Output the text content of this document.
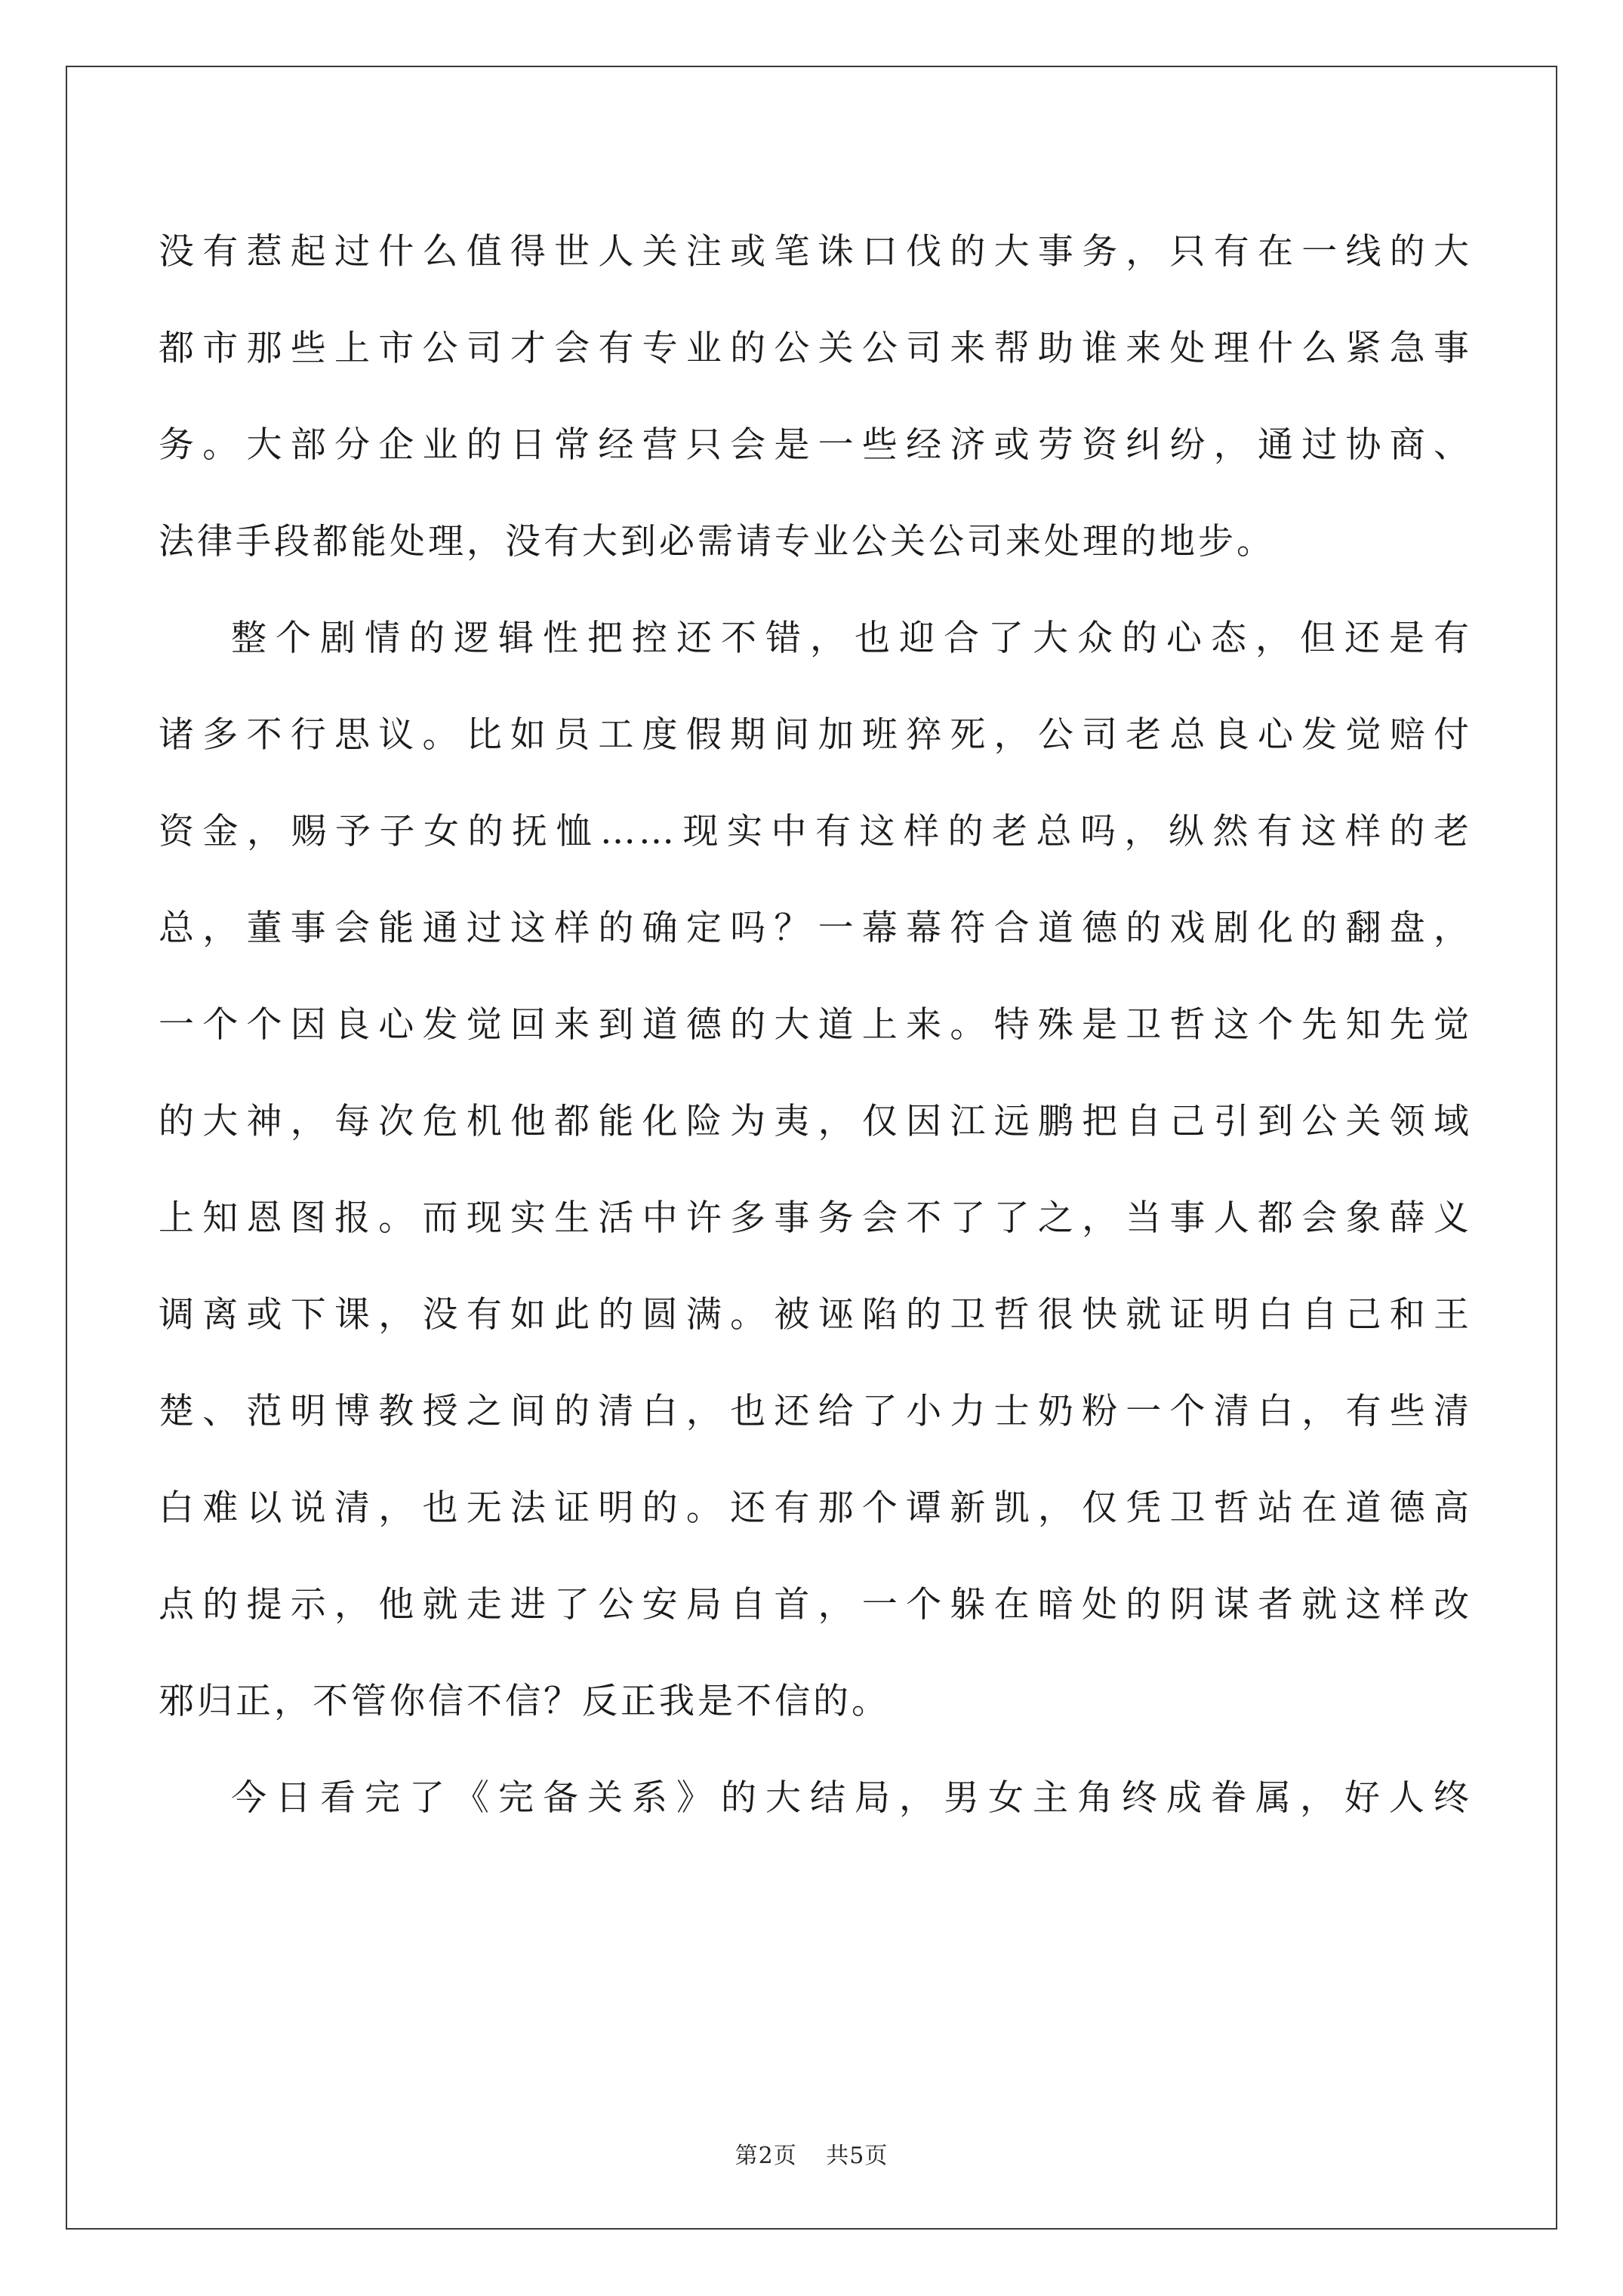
没有惹起过什么值得世人关注或笔诛口伐的大事务，只有在一线的大
都市那些上市公司才会有专业的公关公司来帮助谁来处理什么紧急事
务。大部分企业的日常经营只会是一些经济或劳资纠纷，通过协商、
法律手段都能处理，没有大到必需请专业公关公司来处理的地步。
整个剧情的逻辑性把控还不错，也迎合了大众的心态，但还是有
诸多不行思议。比如员工度假期间加班猝死，公司老总良心发觉赔付
资金，赐予子女的抚恤……现实中有这样的老总吗，纵然有这样的老
总，董事会能通过这样的确定吗？一幕幕符合道德的戏剧化的翻盘，
一个个因良心发觉回来到道德的大道上来。特殊是卫哲这个先知先觉
的大神，每次危机他都能化险为夷，仅因江远鹏把自己引到公关领域
上知恩图报。而现实生活中许多事务会不了了之，当事人都会象薛义
调离或下课，没有如此的圆满。被诬陷的卫哲很快就证明白自己和王
楚、范明博教授之间的清白，也还给了小力士奶粉一个清白，有些清
白难以说清，也无法证明的。还有那个谭新凯，仅凭卫哲站在道德高
点的提示，他就走进了公安局自首，一个躲在暗处的阴谋者就这样改
邪归正，不管你信不信？反正我是不信的。
今日看完了《完备关系》的大结局，男女主角终成眷属，好人终
第2页 共5页
